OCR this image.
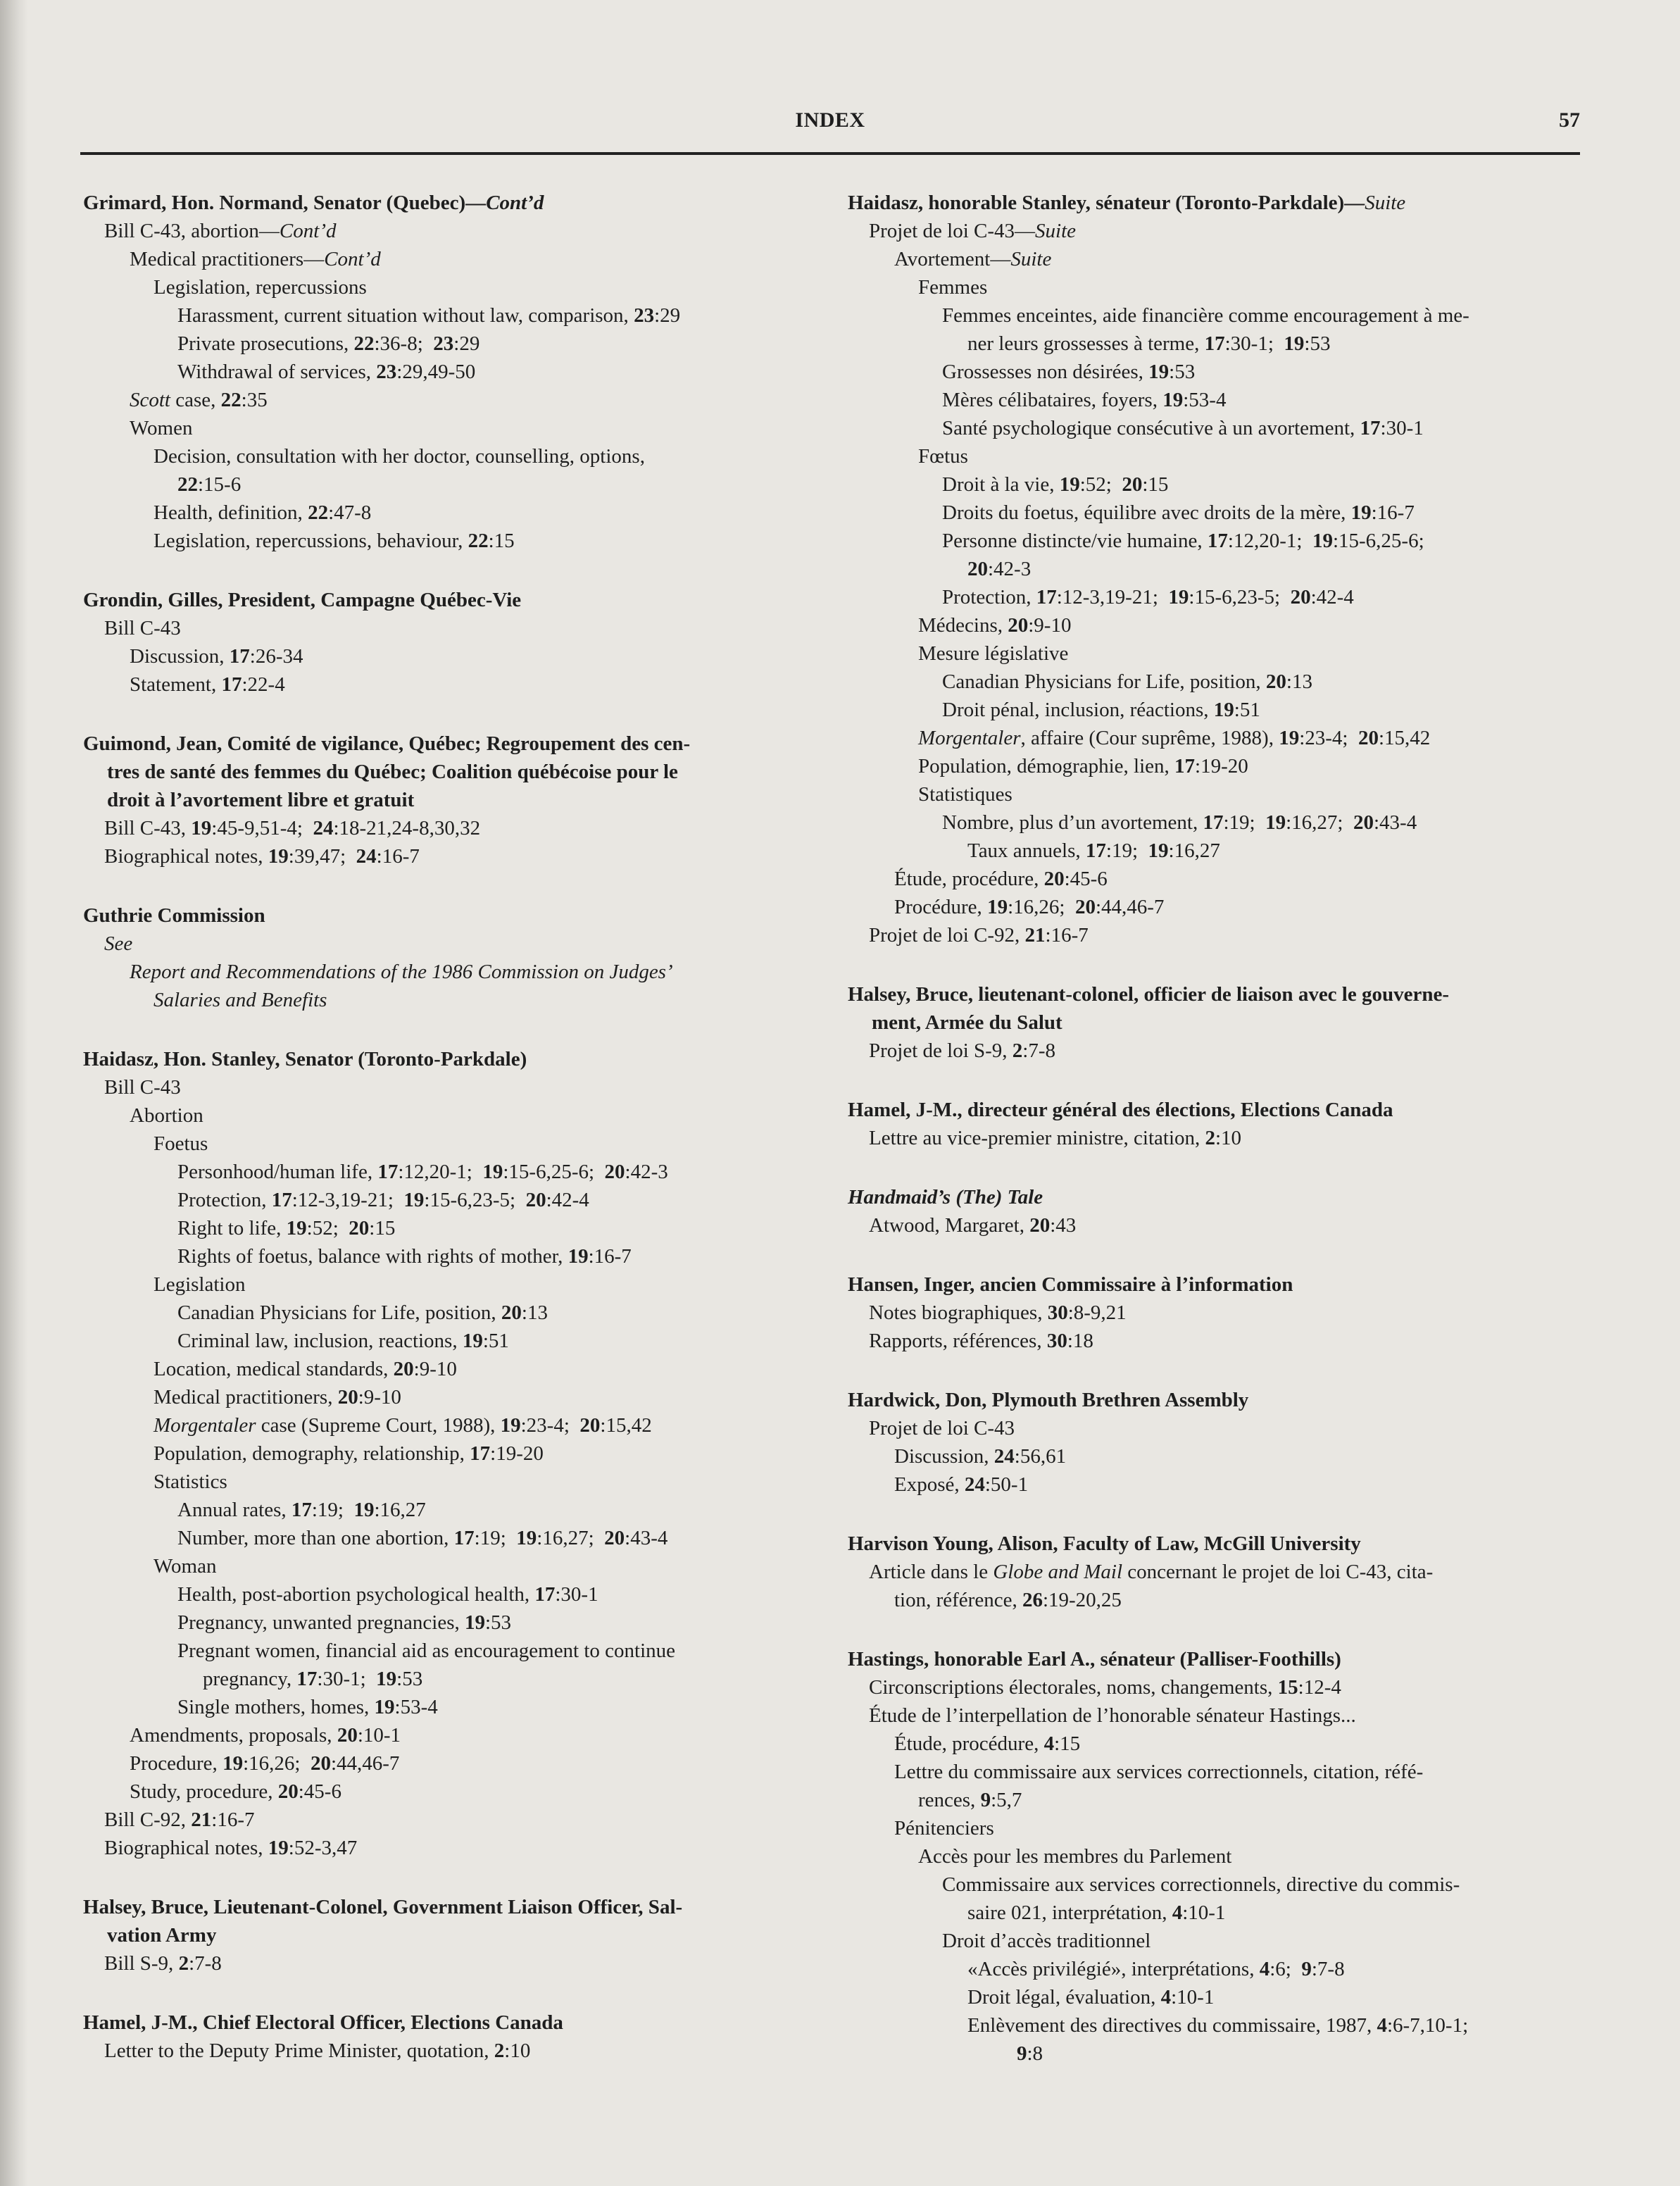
INDEX	57
Grimard, Hon. Normand, Senator (Quebec)—Cont’d
Bill C-43, abortion—Cont’d
Medical practitioners—Cont’d
Legislation, repercussions
Harassment, current situation without law, comparison, 23:29
Private prosecutions, 22:36-8; 23:29
Withdrawal of services, 23:29,49-50
Scott case, 22:35
Women
Decision, consultation with her doctor, counselling, options,
22:15-6
Health, definition, 22:47-8
Legislation, repercussions, behaviour, 22:15
Grondin, Gilles, President, Campagne Québec-Vie
Bill C-43
Discussion, 17:26-34
Statement, 17:22-4
Guimond, Jean, Comité de vigilance, Québec; Regroupement des cen-
tres de santé des femmes du Québec; Coalition québécoise pour le
droit à l’avortement libre et gratuit
Bill C-43, 19:45-9,51-4; 24:18-21,24-8,30,32
Biographical notes, 19:39,47; 24:16-7
Guthrie Commission
See
Report and Recommendations of the 1986 Commission on Judges’
Salaries and Benefits
Haidasz, Hon. Stanley, Senator (Toronto-Parkdale)
Bill C-43
Abortion
Foetus
Personhood/human life, 17:12,20-1; 19:15-6,25-6; 20:42-3
Protection, 17:12-3,19-21; 19:15-6,23-5; 20:42-4
Right to life, 19:52; 20:15
Rights of foetus, balance with rights of mother, 19:16-7
Legislation
Canadian Physicians for Life, position, 20:13
Criminal law, inclusion, reactions, 19:51
Location, medical standards, 20:9-10
Medical practitioners, 20:9-10
Morgentaler case (Supreme Court, 1988), 19:23-4; 20:15,42
Population, demography, relationship, 17:19-20
Statistics
Annual rates, 17:19; 19:16,27
Number, more than one abortion, 17:19; 19:16,27; 20:43-4
Woman
Health, post-abortion psychological health, 17:30-1
Pregnancy, unwanted pregnancies, 19:53
Pregnant women, financial aid as encouragement to continue
pregnancy, 17:30-1; 19:53
Single mothers, homes, 19:53-4
Amendments, proposals, 20:10-1
Procedure, 19:16,26; 20:44,46-7
Study, procedure, 20:45-6
Bill C-92, 21:16-7
Biographical notes, 19:52-3,47
Halsey, Bruce, Lieutenant-Colonel, Government Liaison Officer, Sal-
vation Army
Bill S-9, 2:7-8
Hamel, J-M., Chief Electoral Officer, Elections Canada
Letter to the Deputy Prime Minister, quotation, 2:10
Haidasz, honorable Stanley, sénateur (Toronto-Parkdale)—Suite
Projet de loi C-43—Suite
Avortement—Suite
Femmes
Femmes enceintes, aide financière comme encouragement à me-
ner leurs grossesses à terme, 17:30-1; 19:53
Grossesses non désirées, 19:53
Mères célibataires, foyers, 19:53-4
Santé psychologique consécutive à un avortement, 17:30-1
Fœtus
Droit à la vie, 19:52; 20:15
Droits du foetus, équilibre avec droits de la mère, 19:16-7
Personne distincte/vie humaine, 17:12,20-1; 19:15-6,25-6;
20:42-3
Protection, 17:12-3,19-21; 19:15-6,23-5; 20:42-4
Médecins, 20:9-10
Mesure législative
Canadian Physicians for Life, position, 20:13
Droit pénal, inclusion, réactions, 19:51
Morgentaler, affaire (Cour suprême, 1988), 19:23-4; 20:15,42
Population, démographie, lien, 17:19-20
Statistiques
Nombre, plus d’un avortement, 17:19; 19:16,27; 20:43-4
Taux annuels, 17:19; 19:16,27
Étude, procédure, 20:45-6
Procédure, 19:16,26; 20:44,46-7
Projet de loi C-92, 21:16-7
Halsey, Bruce, lieutenant-colonel, officier de liaison avec le gouverne-
ment, Armée du Salut
Projet de loi S-9, 2:7-8
Hamel, J-M., directeur général des élections, Elections Canada
Lettre au vice-premier ministre, citation, 2:10
Handmaid’s (The) Tale
Atwood, Margaret, 20:43
Hansen, Inger, ancien Commissaire à l’information
Notes biographiques, 30:8-9,21
Rapports, références, 30:18
Hardwick, Don, Plymouth Brethren Assembly
Projet de loi C-43
Discussion, 24:56,61
Exposé, 24:50-1
Harvison Young, Alison, Faculty of Law, McGill University
Article dans le Globe and Mail concernant le projet de loi C-43, cita-
tion, référence, 26:19-20,25
Hastings, honorable Earl A., sénateur (Palliser-Foothills)
Circonscriptions électorales, noms, changements, 15:12-4
Étude de l’interpellation de l’honorable sénateur Hastings...
Étude, procédure, 4:15
Lettre du commissaire aux services correctionnels, citation, réfé-
rences, 9:5,7
Pénitenciers
Accès pour les membres du Parlement
Commissaire aux services correctionnels, directive du commis-
saire 021, interprétation, 4:10-1
Droit d’accès traditionnel
«Accès privilégié», interprétations, 4:6; 9:7-8
Droit légal, évaluation, 4:10-1
Enlèvement des directives du commissaire, 1987, 4:6-7,10-1;
9:8
